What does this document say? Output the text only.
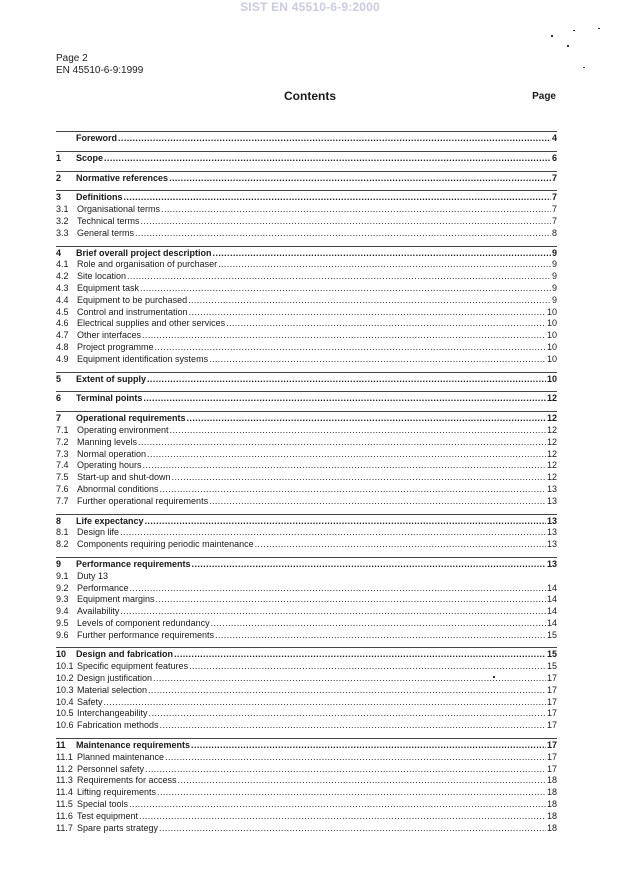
SIST EN 45510-6-9:2000
Page 2
EN 45510-6-9:1999
Contents	Page
Foreword .....	4
1	Scope .....	6
2	Normative references .....	7
3	Definitions .....	7
3.1 Organisational terms .....	7
3.2 Technical terms .....	7
3.3 General terms .....	8
4	Brief overall project description .....	9
4.1 Role and organisation of purchaser .....	9
4.2 Site location .....	9
4.3 Equipment task .....	9
4.4 Equipment to be purchased .....	9
4.5 Control and instrumentation .....	10
4.6 Electrical supplies and other services .....	10
4.7 Other interfaces .....	10
4.8 Project programme .....	10
4.9 Equipment identification systems .....	10
5	Extent of supply .....	10
6	Terminal points .....	12
7	Operational requirements .....	12
7.1 Operating environment .....	12
7.2 Manning levels .....	12
7.3 Normal operation .....	12
7.4 Operating hours .....	12
7.5 Start-up and shut-down .....	12
7.6 Abnormal conditions .....	13
7.7 Further operational requirements .....	13
8	Life expectancy .....	13
8.1 Design life .....	13
8.2 Components requiring periodic maintenance .....	13
9	Performance requirements .....	13
9.1 Duty 13
9.2 Performance .....	14
9.3 Equipment margins .....	14
9.4 Availability .....	14
9.5 Levels of component redundancy .....	14
9.6 Further performance requirements .....	15
10	Design and fabrication .....	15
10.1 Specific equipment features .....	15
10.2 Design justification .....	17
10.3 Material selection .....	17
10.4 Safety .....	17
10.5 Interchangeability .....	17
10.6 Fabrication methods .....	17
11	Maintenance requirements .....	17
11.1 Planned maintenance .....	17
11.2 Personnel safety .....	17
11.3 Requirements for access .....	18
11.4 Lifting requirements .....	18
11.5 Special tools .....	18
11.6 Test equipment .....	18
11.7 Spare parts strategy .....	18
